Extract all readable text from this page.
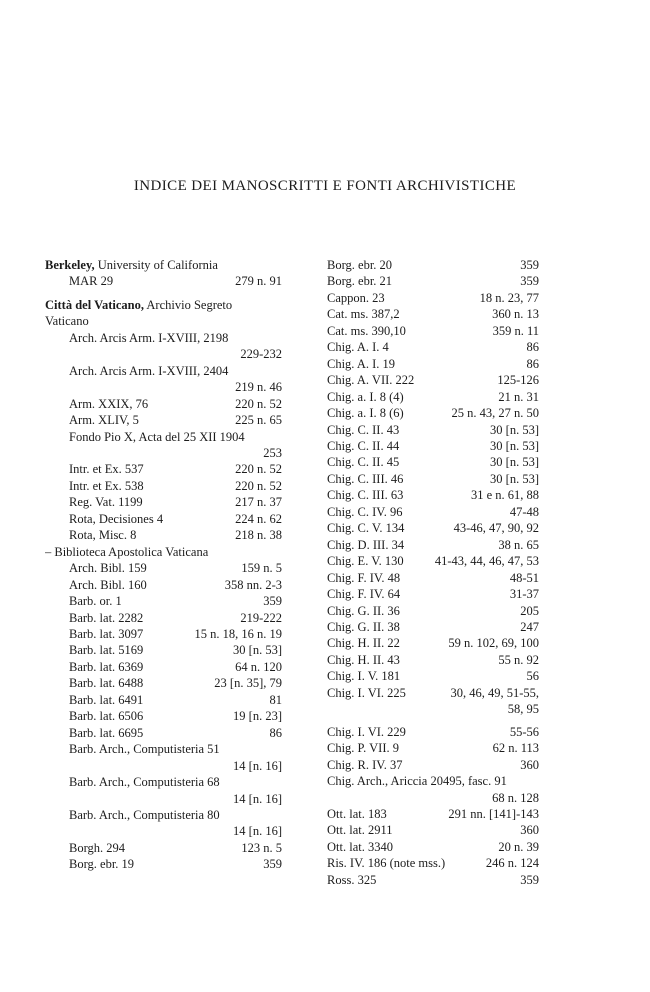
INDICE DEI MANOSCRITTI E FONTI ARCHIVISTICHE
Berkeley, University of California
MAR 29	279 n. 91
Città del Vaticano, Archivio Segreto
Vaticano
Arch. Arcis Arm. I-XVIII, 2198
229-232
Arch. Arcis Arm. I-XVIII, 2404
219 n. 46
Arm. XXIX, 76	220 n. 52
Arm. XLIV, 5	225 n. 65
Fondo Pio X, Acta del 25 XII 1904
253
Intr. et Ex. 537	220 n. 52
Intr. et Ex. 538	220 n. 52
Reg. Vat. 1199	217 n. 37
Rota, Decisiones 4	224 n. 62
Rota, Misc. 8	218 n. 38
– Biblioteca Apostolica Vaticana
Arch. Bibl. 159	159 n. 5
Arch. Bibl. 160	358 nn. 2-3
Barb. or. 1	359
Barb. lat. 2282	219-222
Barb. lat. 3097	15 n. 18, 16 n. 19
Barb. lat. 5169	30 [n. 53]
Barb. lat. 6369	64 n. 120
Barb. lat. 6488	23 [n. 35], 79
Barb. lat. 6491	81
Barb. lat. 6506	19 [n. 23]
Barb. lat. 6695	86
Barb. Arch., Computisteria 51
14 [n. 16]
Barb. Arch., Computisteria 68
14 [n. 16]
Barb. Arch., Computisteria 80
14 [n. 16]
Borgh. 294	123 n. 5
Borg. ebr. 19	359
Borg. ebr. 20	359
Borg. ebr. 21	359
Cappon. 23	18 n. 23, 77
Cat. ms. 387,2	360 n. 13
Cat. ms. 390,10	359 n. 11
Chig. A. I. 4	86
Chig. A. I. 19	86
Chig. A. VII. 222	125-126
Chig. a. I. 8 (4)	21 n. 31
Chig. a. I. 8 (6)	25 n. 43, 27 n. 50
Chig. C. II. 43	30 [n. 53]
Chig. C. II. 44	30 [n. 53]
Chig. C. II. 45	30 [n. 53]
Chig. C. III. 46	30 [n. 53]
Chig. C. III. 63	31 e n. 61, 88
Chig. C. IV. 96	47-48
Chig. C. V. 134	43-46, 47, 90, 92
Chig. D. III. 34	38 n. 65
Chig. E. V. 130 41-43, 44, 46, 47, 53
Chig. F. IV. 48	48-51
Chig. F. IV. 64	31-37
Chig. G. II. 36	205
Chig. G. II. 38	247
Chig. H. II. 22	59 n. 102, 69, 100
Chig. H. II. 43	55 n. 92
Chig. I. V. 181	56
Chig. I. VI. 225	30, 46, 49, 51-55,
58, 95
Chig. I. VI. 229	55-56
Chig. P. VII. 9	62 n. 113
Chig. R. IV. 37	360
Chig. Arch., Ariccia 20495, fasc. 91
68 n. 128
Ott. lat. 183	291 nn. [141]-143
Ott. lat. 2911	360
Ott. lat. 3340	20 n. 39
Ris. IV. 186 (note mss.)	246 n. 124
Ross. 325	359
